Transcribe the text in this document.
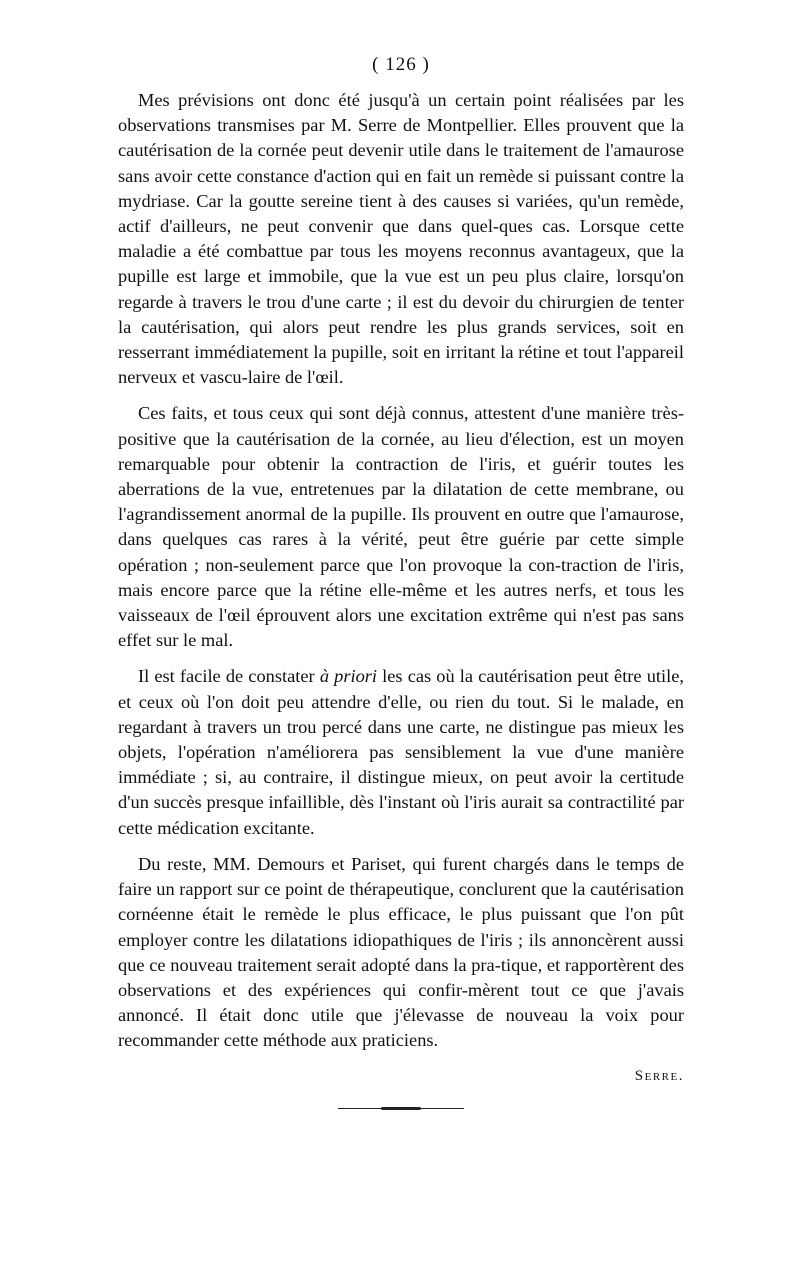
( 126 )

Mes prévisions ont donc été jusqu'à un certain point réalisées par les observations transmises par M. Serre de Montpellier. Elles prouvent que la cautérisation de la cornée peut devenir utile dans le traitement de l'amaurose sans avoir cette constance d'action qui en fait un remède si puissant contre la mydriase. Car la goutte sereine tient à des causes si variées, qu'un remède, actif d'ailleurs, ne peut convenir que dans quel-ques cas. Lorsque cette maladie a été combattue par tous les moyens reconnus avantageux, que la pupille est large et immobile, que la vue est un peu plus claire, lorsqu'on regarde à travers le trou d'une carte ; il est du devoir du chirurgien de tenter la cautérisation, qui alors peut rendre les plus grands services, soit en resserrant immédiatement la pupille, soit en irritant la rétine et tout l'appareil nerveux et vascu-laire de l'œil.

Ces faits, et tous ceux qui sont déjà connus, attestent d'une manière très-positive que la cautérisation de la cornée, au lieu d'élection, est un moyen remarquable pour obtenir la contraction de l'iris, et guérir toutes les aberrations de la vue, entretenues par la dilatation de cette membrane, ou l'agrandissement anormal de la pupille. Ils prouvent en outre que l'amaurose, dans quelques cas rares à la vérité, peut être guérie par cette simple opération ; non-seulement parce que l'on provoque la con-traction de l'iris, mais encore parce que la rétine elle-même et les autres nerfs, et tous les vaisseaux de l'œil éprouvent alors une excitation extrême qui n'est pas sans effet sur le mal.

Il est facile de constater à priori les cas où la cautérisation peut être utile, et ceux où l'on doit peu attendre d'elle, ou rien du tout. Si le malade, en regardant à travers un trou percé dans une carte, ne distingue pas mieux les objets, l'opération n'améliorera pas sensiblement la vue d'une manière immédiate ; si, au contraire, il distingue mieux, on peut avoir la certitude d'un succès presque infaillible, dès l'instant où l'iris aurait sa contractilité par cette médication excitante.

Du reste, MM. Demours et Pariset, qui furent chargés dans le temps de faire un rapport sur ce point de thérapeutique, conclurent que la cautérisation cornéenne était le remède le plus efficace, le plus puissant que l'on pût employer contre les dilatations idiopathiques de l'iris ; ils annoncèrent aussi que ce nouveau traitement serait adopté dans la pra-tique, et rapportèrent des observations et des expériences qui confir-mèrent tout ce que j'avais annoncé. Il était donc utile que j'élevasse de nouveau la voix pour recommander cette méthode aux praticiens.

Serre.
